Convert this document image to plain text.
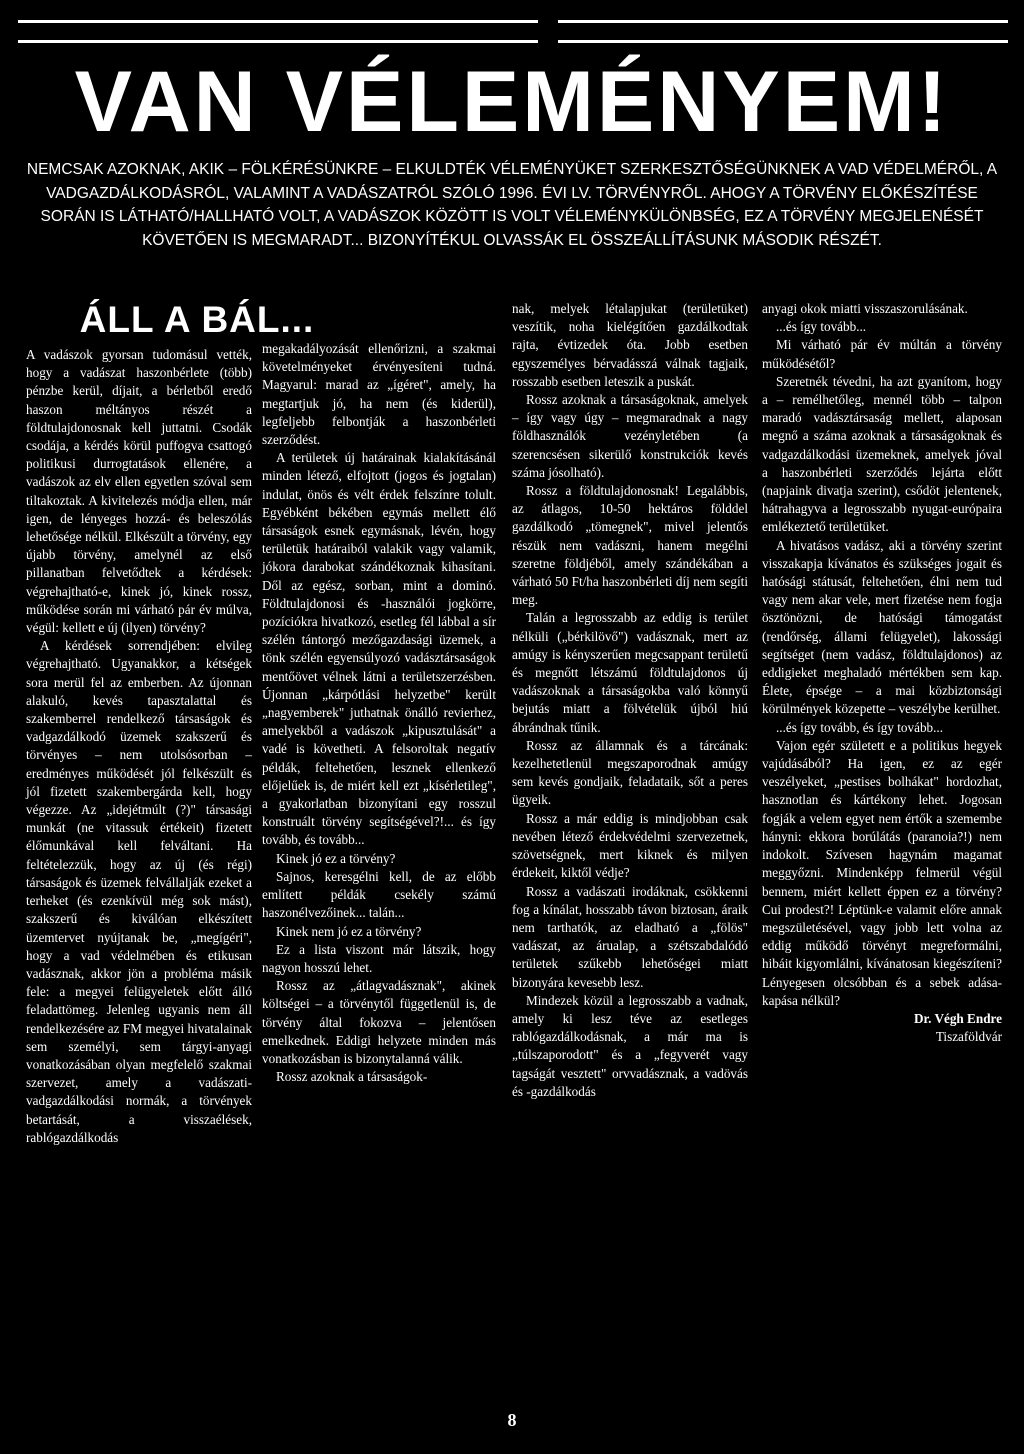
VAN VÉLEMÉNYEM!

NEMCSAK AZOKNAK, AKIK – FÖLKÉRÉSÜNKRE – ELKULDTÉK VÉLEMÉNYÜKET SZERKESZTŐSÉGÜNKNEK A VAD VÉDELMÉRŐL, A VADGAZDÁLKODÁSRÓL, VALAMINT A VADÁSZATRÓL SZÓLÓ 1996. ÉVI LV. TÖRVÉNYRŐL. AHOGY A TÖRVÉNY ELŐKÉSZÍTÉSE SORÁN IS LÁTHATÓ/HALLHATÓ VOLT, A VADÁSZOK KÖZÖTT IS VOLT VÉLEMÉNYKÜLÖNBSÉG, EZ A TÖRVÉNY MEGJELENÉSÉT KÖVETŐEN IS MEGMARADT... BIZONYÍTÉKUL OLVASSÁK EL ÖSSZEÁLLÍTÁSUNK MÁSODIK RÉSZÉT.

ÁLL A BÁL...

A vadászok gyorsan tudomásul vették, hogy a vadászat haszonbérlete (több) pénzbe kerül, díjait, a bérletből eredő haszon méltányos részét a földtulajdonosnak kell juttatni. Csodák csodája, a kérdés körül puffogva csattogó politikusi durrogtatások ellenére, a vadászok az elv ellen egyetlen szóval sem tiltakoztak. A kivitelezés módja ellen, már igen, de lényeges hozzá- és beleszólás lehetősége nélkül. Elkészült a törvény, egy újabb törvény, amelynél az első pillanatban felvetődtek a kérdések: végrehajtható-e, kinek jó, kinek rossz, működése során mi várható pár év múlva, végül: kellett e új (ilyen) törvény?

A kérdések sorrendjében: elvileg végrehajtható. Ugyanakkor, a kétségek sora merül fel az emberben. Az újonnan alakuló, kevés tapasztalattal és szakemberrel rendelkező társaságok és vadgazdálkodó üzemek szakszerű és törvényes – nem utolsósorban – eredményes működését jól felkészült és jól fizetett szakembergárda kell, hogy végezze. Az „idejétmúlt (?)" társasági munkát (ne vitassuk értékeit) fizetett élőmunkával kell felváltani. Ha feltételezzük, hogy az új (és régi) társaságok és üzemek felvállalják ezeket a terheket (és ezenkívül még sok mást), szakszerű és kiválóan elkészített üzemtervet nyújtanak be, „megígéri", hogy a vad védelmében és etikusan vadásznak, akkor jön a probléma másik fele: a megyei felügyeletek előtt álló feladattömeg. Jelenleg ugyanis nem áll rendelkezésére az FM megyei hivatalainak sem személyi, sem tárgyi-anyagi vonatkozásában olyan megfelelő szakmai szervezet, amely a vadászati-vadgazdálkodási normák, a törvények betartását, a visszaélések, rablógazdálkodás

megakadályozását ellenőrizni, a szakmai követelményeket érvényesíteni tudná. Magyarul: marad az „ígéret", amely, ha megtartjuk jó, ha nem (és kiderül), legfeljebb felbontják a haszonbérleti szerződést.

A területek új határainak kialakításánál minden létező, elfojtott (jogos és jogtalan) indulat, önös és vélt érdek felszínre tolult. Egyébként békében egymás mellett élő társaságok esnek egymásnak, lévén, hogy területük határaiból valakik vagy valamik, jókora darabokat szándékoznak kihasítani. Dől az egész, sorban, mint a dominó. Földtulajdonosi és -használói jogkörre, pozíciókra hivatkozó, esetleg fél lábbal a sír szélén tántorgó mezőgazdasági üzemek, a tönk szélén egyensúlyozó vadásztársaságok mentőövet vélnek látni a területszerzésben. Újonnan „kárpótlási helyzetbe" került „nagyemberek" juthatnak önálló revierhez, amelyekből a vadászok „kipusztulását" a vadé is követheti. A felsoroltak negatív példák, feltehetően, lesznek ellenkező előjelűek is, de miért kell ezt „kísérletileg", a gyakorlatban bizonyítani egy rosszul konstruált törvény segítségével?!... és így tovább, és tovább...

Kinek jó ez a törvény?

Sajnos, keresgélni kell, de az előbb említett példák csekély számú haszonélvezőinek... talán...

Kinek nem jó ez a törvény?

Ez a lista viszont már látszik, hogy nagyon hosszú lehet.

Rossz az „átlagvadásznak", akinek költségei – a törvénytől függetlenül is, de törvény által fokozva – jelentősen emelkednek. Eddigi helyzete minden más vonatkozásban is bizonytalanná válik.

Rossz azoknak a társaságok-

nak, melyek létalapjukat (területüket) veszítik, noha kielégítően gazdálkodtak rajta, évtizedek óta. Jobb esetben egyszemélyes bérvadásszá válnak tagjaik, rosszabb esetben leteszik a puskát.

Rossz azoknak a társaságoknak, amelyek – így vagy úgy – megmaradnak a nagy földhasználók vezényletében (a szerencsésen sikerülő konstrukciók kevés száma jósolható).

Rossz a földtulajdonosnak! Legalábbis, az átlagos, 10-50 hektáros földdel gazdálkodó „tömegnek", mivel jelentős részük nem vadászni, hanem megélni szeretne földjéből, amely szándékában a várható 50 Ft/ha haszonbérleti díj nem segíti meg.

Talán a legrosszabb az eddig is terület nélküli („bérkilövő") vadásznak, mert az amúgy is kényszerűen megcsappant területű és megnőtt létszámú földtulajdonos új vadászoknak a társaságokba való könnyű bejutás miatt a fölvételük újból hiú ábrándnak tűnik.

Rossz az államnak és a tárcának: kezelhetetlenül megszaporodnak amúgy sem kevés gondjaik, feladataik, sőt a peres ügyeik.

Rossz a már eddig is mindjobban csak nevében létező érdekvédelmi szervezetnek, szövetségnek, mert kiknek és milyen érdekeit, kiktől védje?

Rossz a vadászati irodáknak, csökkenni fog a kínálat, hosszabb távon biztosan, áraik nem tarthatók, az eladható a „fölös" vadászat, az árualap, a szétszabdalódó területek szűkebb lehetőségei miatt bizonyára kevesebb lesz.

Mindezek közül a legrosszabb a vadnak, amely ki lesz téve az esetleges rablógazdálkodásnak, a már ma is „túlszaporodott" és a „fegyverét vagy tagságát vesztett" orvvadásznak, a vadövás és -gazdálkodás

anyagi okok miatti visszaszorulásának.

...és így tovább...

Mi várható pár év múltán a törvény működésétől?

Szeretnék tévedni, ha azt gyanítom, hogy a – remélhetőleg, mennél több – talpon maradó vadásztársaság mellett, alaposan megnő a száma azoknak a társaságoknak és vadgazdálkodási üzemeknek, amelyek jóval a haszonbérleti szerződés lejárta előtt (napjaink divatja szerint), csődöt jelentenek, hátrahagyva a legrosszabb nyugat-európaira emlékeztető területüket.

A hivatásos vadász, aki a törvény szerint visszakapja kívánatos és szükséges jogait és hatósági státusát, feltehetően, élni nem tud vagy nem akar vele, mert fizetése nem fogja ösztönözni, de hatósági támogatást (rendőrség, állami felügyelet), lakossági segítséget (nem vadász, földtulajdonos) az eddigieket meghaladó mértékben sem kap. Élete, épsége – a mai közbiztonsági körülmények közepette – veszélybe kerülhet.

...és így tovább, és így tovább...

Vajon egér született e a politikus hegyek vajúdásából? Ha igen, ez az egér veszélyeket, „pestises bolhákat" hordozhat, hasznotlan és kártékony lehet. Jogosan fogják a velem egyet nem értők a szemembe hányni: ekkora borúlátás (paranoia?!) nem indokolt. Szívesen hagynám magamat meggyőzni. Mindenképp felmerül végül bennem, miért kellett éppen ez a törvény? Cui prodest?! Léptünk-e valamit előre annak megszületésével, vagy jobb lett volna az eddig működő törvényt megreformálni, hibáit kigyomlálni, kívánatosan kiegészíteni? Lényegesen olcsóbban és a sebek adása-kapása nélkül?

Dr. Végh Endre

Tiszaföldvár

8
